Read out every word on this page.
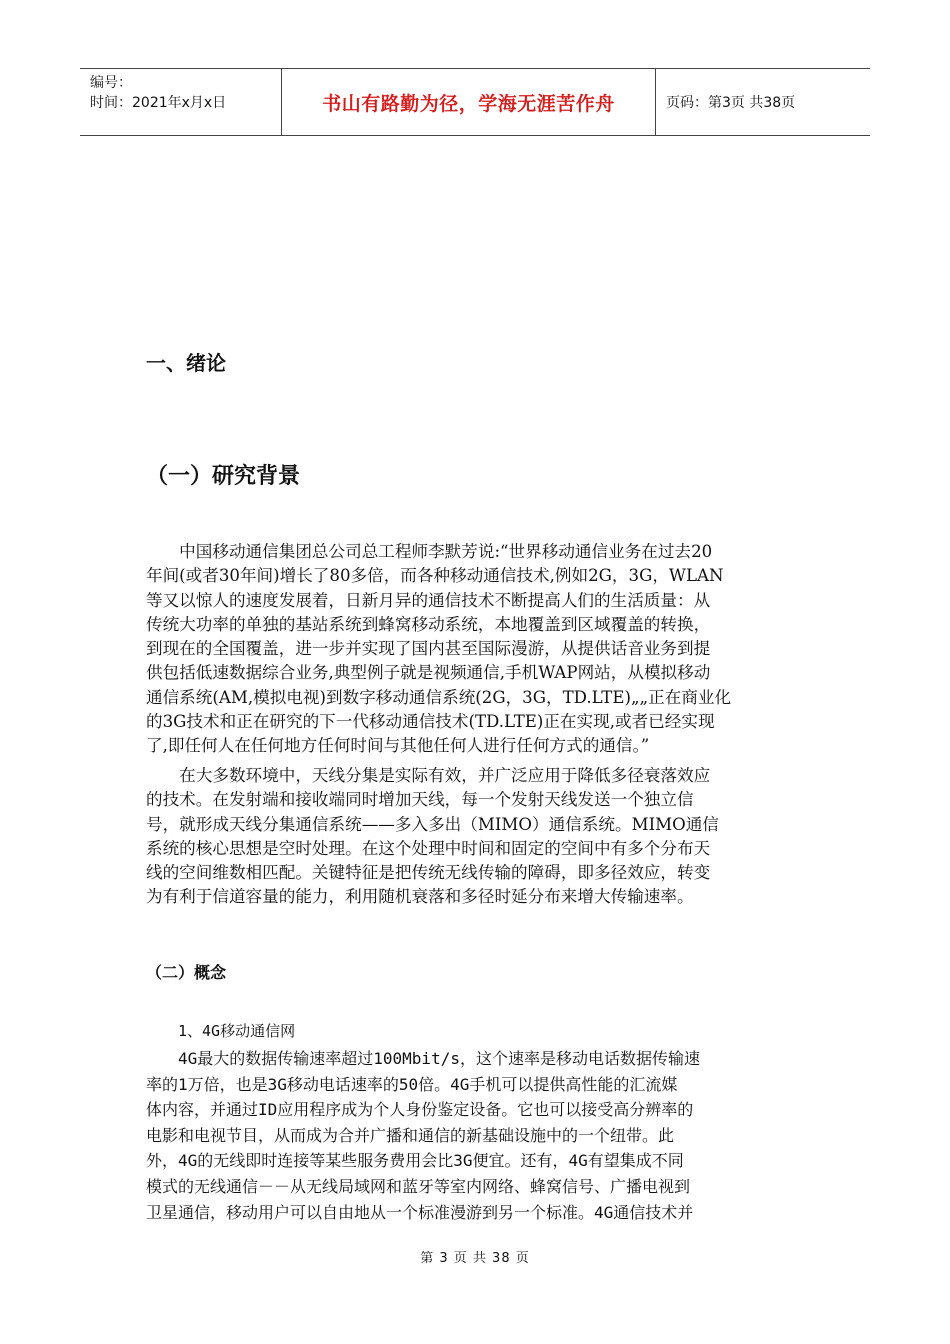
编号：
时间：2021年x月x日	书山有路勤为径，学海无涯苦作舟	页码：第3页 共38页
一、绪论
（一）研究背景
　　中国移动通信集团总公司总工程师李默芳说:“世界移动通信业务在过去20
年间(或者30年间)增长了80多倍，而各种移动通信技术,例如2G，3G，WLAN
等又以惊人的速度发展着，日新月异的通信技术不断提高人们的生活质量：从
传统大功率的单独的基站系统到蜂窝移动系统，本地覆盖到区域覆盖的转换，
到现在的全国覆盖，进一步并实现了国内甚至国际漫游，从提供话音业务到提
供包括低速数据综合业务,典型例子就是视频通信,手机WAP网站，从模拟移动
通信系统(AM,模拟电视)到数字移动通信系统(2G，3G，TD.LTE)„„正在商业化
的3G技术和正在研究的下一代移动通信技术(TD.LTE)正在实现,或者已经实现
了,即任何人在任何地方任何时间与其他任何人进行任何方式的通信。”
　　在大多数环境中，天线分集是实际有效，并广泛应用于降低多径衰落效应
的技术。在发射端和接收端同时增加天线，每一个发射天线发送一个独立信
号，就形成天线分集通信系统——多入多出（MIMO）通信系统。MIMO通信
系统的核心思想是空时处理。在这个处理中时间和固定的空间中有多个分布天
线的空间维数相匹配。关键特征是把传统无线传输的障碍，即多径效应，转变
为有利于信道容量的能力，利用随机衰落和多径时延分布来增大传输速率。
（二）概念
1、4G移动通信网
　　4G最大的数据传输速率超过100Mbit/s，这个速率是移动电话数据传输速
率的1万倍，也是3G移动电话速率的50倍。4G手机可以提供高性能的汇流媒
体内容，并通过ID应用程序成为个人身份鉴定设备。它也可以接受高分辨率的
电影和电视节目，从而成为合并广播和通信的新基础设施中的一个纽带。此
外，4G的无线即时连接等某些服务费用会比3G便宜。还有，4G有望集成不同
模式的无线通信－－从无线局域网和蓝牙等室内网络、蜂窝信号、广播电视到
卫星通信，移动用户可以自由地从一个标准漫游到另一个标准。4G通信技术并
第 3 页 共 38 页
